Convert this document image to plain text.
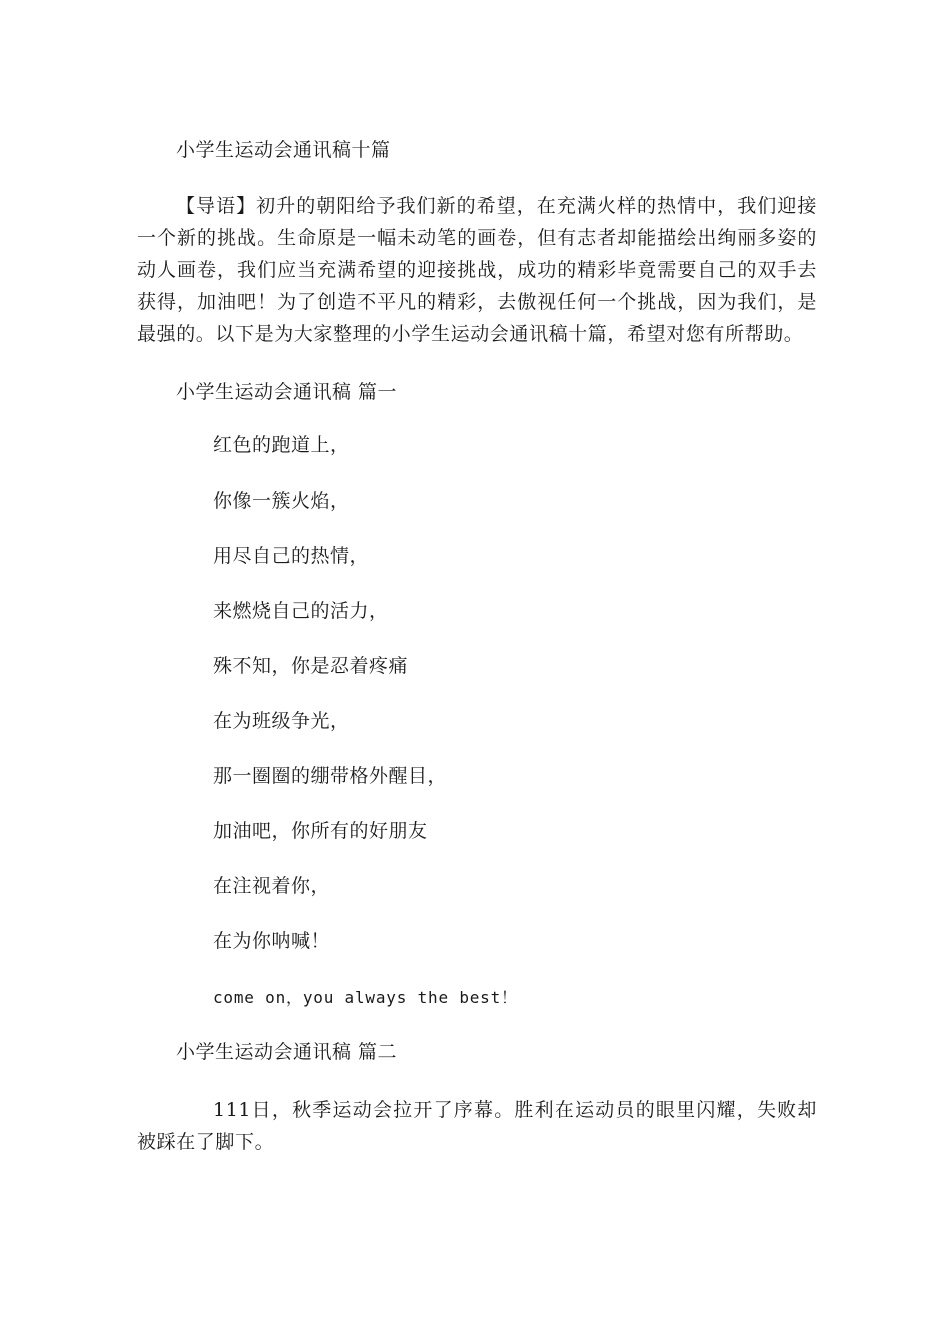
小学生运动会通讯稿十篇
【导语】初升的朝阳给予我们新的希望，在充满火样的热情中，我们迎接一个新的挑战。生命原是一幅未动笔的画卷，但有志者却能描绘出绚丽多姿的动人画卷，我们应当充满希望的迎接挑战，成功的精彩毕竟需要自己的双手去获得，加油吧！为了创造不平凡的精彩，去傲视任何一个挑战，因为我们，是最强的。以下是为大家整理的小学生运动会通讯稿十篇，希望对您有所帮助。
小学生运动会通讯稿 篇一
红色的跑道上，
你像一簇火焰，
用尽自己的热情，
来燃烧自己的活力，
殊不知，你是忍着疼痛
在为班级争光，
那一圈圈的绷带格外醒目，
加油吧，你所有的好朋友
在注视着你，
在为你呐喊！
come on，you always the best！
小学生运动会通讯稿 篇二
111日，秋季运动会拉开了序幕。胜利在运动员的眼里闪耀，失败却被踩在了脚下。
